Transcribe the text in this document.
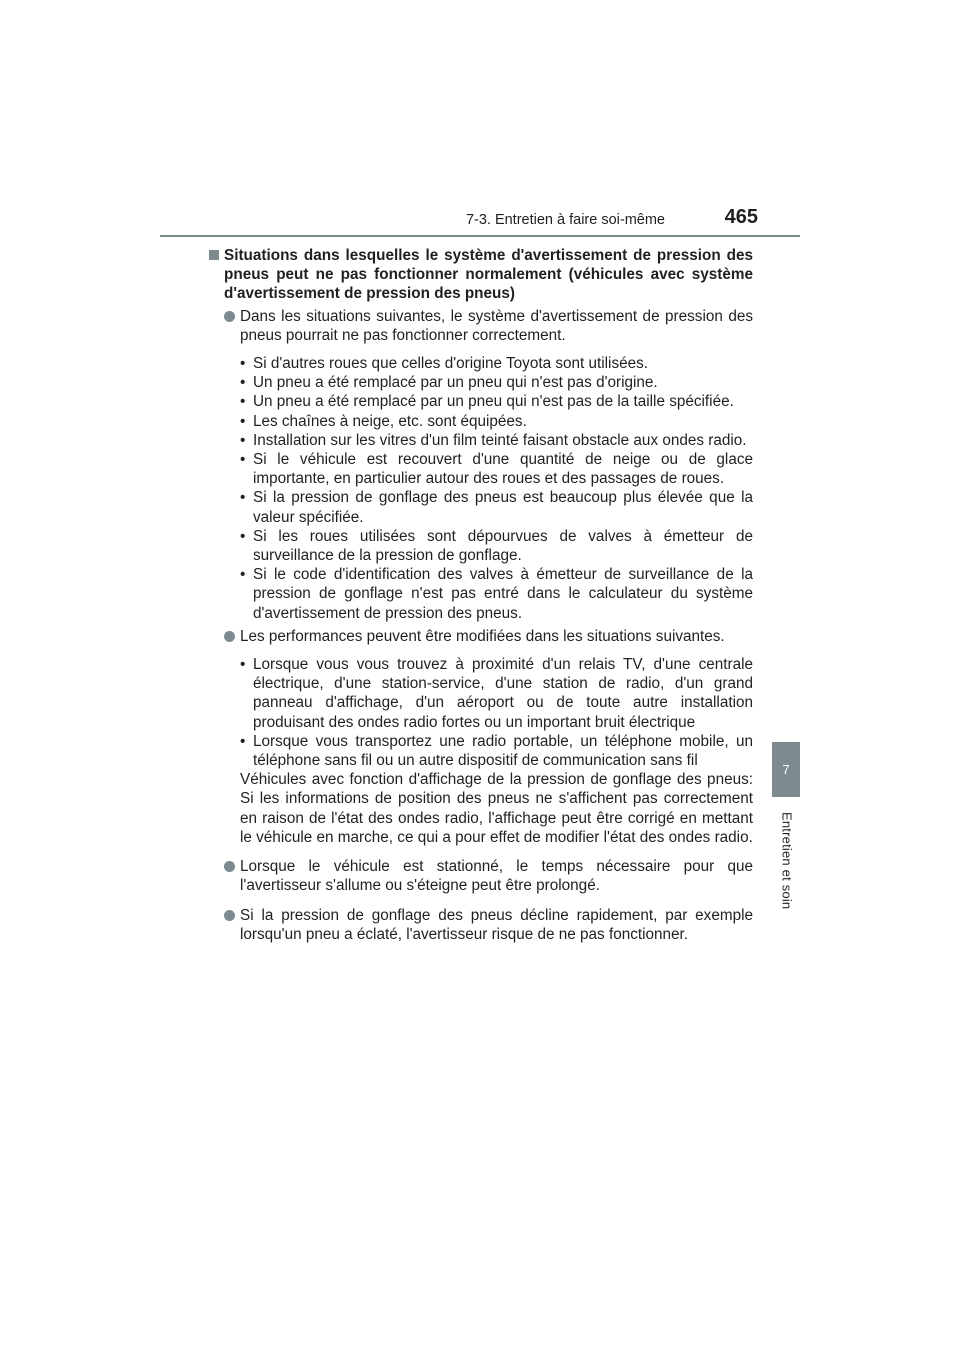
7-3. Entretien à faire soi-même	465
7
Entretien et soin
Situations dans lesquelles le système d'avertissement de pression des pneus peut ne pas fonctionner normalement (véhicules avec système d'avertissement de pression des pneus)
Dans les situations suivantes, le système d'avertissement de pression des pneus pourrait ne pas fonctionner correctement.
• Si d'autres roues que celles d'origine Toyota sont utilisées.
• Un pneu a été remplacé par un pneu qui n'est pas d'origine.
• Un pneu a été remplacé par un pneu qui n'est pas de la taille spécifiée.
• Les chaînes à neige, etc. sont équipées.
• Installation sur les vitres d'un film teinté faisant obstacle aux ondes radio.
• Si le véhicule est recouvert d'une quantité de neige ou de glace importante, en particulier autour des roues et des passages de roues.
• Si la pression de gonflage des pneus est beaucoup plus élevée que la valeur spécifiée.
• Si les roues utilisées sont dépourvues de valves à émetteur de surveillance de la pression de gonflage.
• Si le code d'identification des valves à émetteur de surveillance de la pression de gonflage n'est pas entré dans le calculateur du système d'avertissement de pression des pneus.
Les performances peuvent être modifiées dans les situations suivantes.
• Lorsque vous vous trouvez à proximité d'un relais TV, d'une centrale électrique, d'une station-service, d'une station de radio, d'un grand panneau d'affichage, d'un aéroport ou de toute autre installation produisant des ondes radio fortes ou un important bruit électrique
• Lorsque vous transportez une radio portable, un téléphone mobile, un téléphone sans fil ou un autre dispositif de communication sans fil
Véhicules avec fonction d'affichage de la pression de gonflage des pneus: Si les informations de position des pneus ne s'affichent pas correctement en raison de l'état des ondes radio, l'affichage peut être corrigé en mettant le véhicule en marche, ce qui a pour effet de modifier l'état des ondes radio.
Lorsque le véhicule est stationné, le temps nécessaire pour que l'avertisseur s'allume ou s'éteigne peut être prolongé.
Si la pression de gonflage des pneus décline rapidement, par exemple lorsqu'un pneu a éclaté, l'avertisseur risque de ne pas fonctionner.
